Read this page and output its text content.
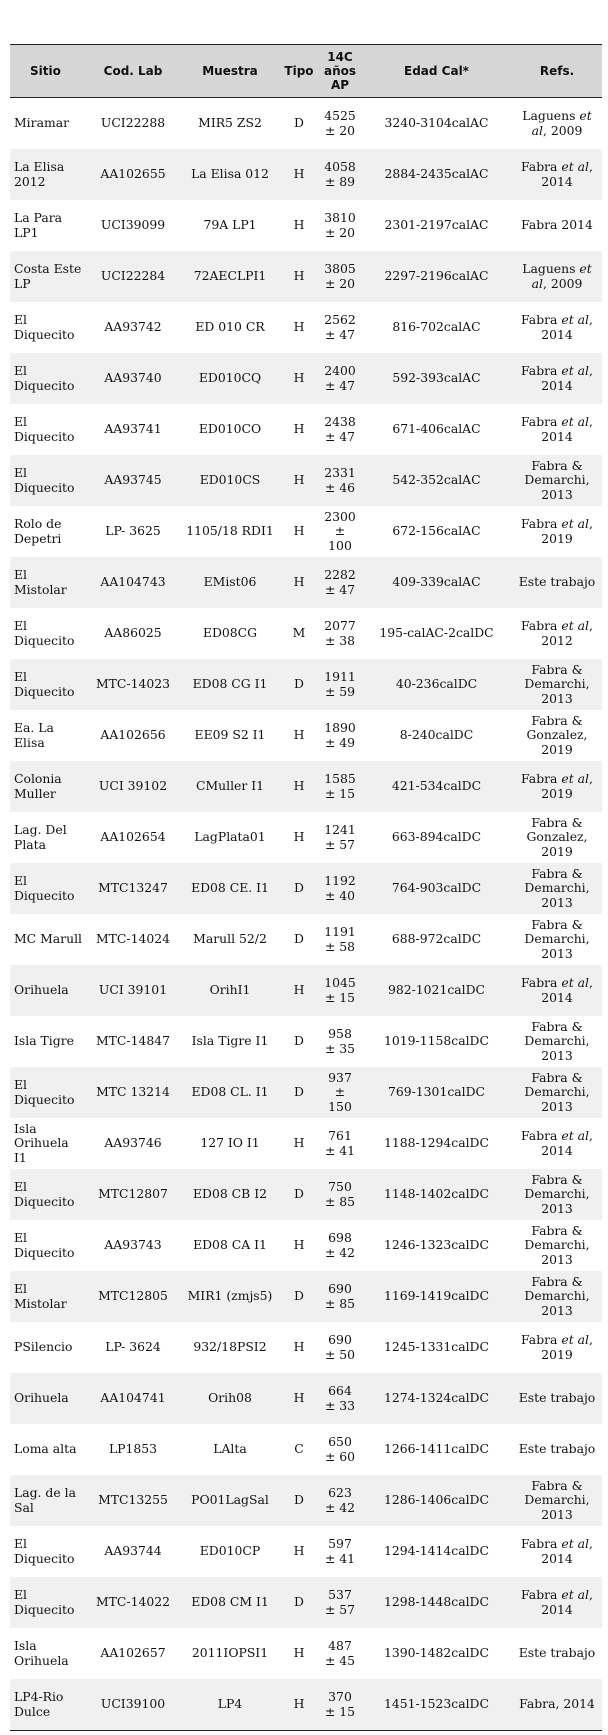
Sitio	Cod. Lab	Muestra	Tipo	14C años AP	Edad Cal*	Refs.
Miramar	UCI22288	MIR5 ZS2	D	4525 ± 20	3240-3104calAC	Laguens et al, 2009
La Elisa 2012	AA102655	La Elisa 012	H	4058 ± 89	2884-2435calAC	Fabra et al, 2014
La Para LP1	UCI39099	79A LP1	H	3810 ± 20	2301-2197calAC	Fabra 2014
Costa Este LP	UCI22284	72AECLPI1	H	3805 ± 20	2297-2196calAC	Laguens et al, 2009
El Diquecito	AA93742	ED 010 CR	H	2562 ± 47	816-702calAC	Fabra et al, 2014
El Diquecito	AA93740	ED010CQ	H	2400 ± 47	592-393calAC	Fabra et al, 2014
El Diquecito	AA93741	ED010CO	H	2438 ± 47	671-406calAC	Fabra et al, 2014
El Diquecito	AA93745	ED010CS	H	2331 ± 46	542-352calAC	Fabra & Demarchi, 2013
Rolo de Depetri	LP- 3625	1105/18 RDI1	H	2300 ± 100	672-156calAC	Fabra et al, 2019
El Mistolar	AA104743	EMist06	H	2282 ± 47	409-339calAC	Este trabajo
El Diquecito	AA86025	ED08CG	M	2077 ± 38	195-calAC-2calDC	Fabra et al, 2012
El Diquecito	MTC-14023	ED08 CG I1	D	1911 ± 59	40-236calDC	Fabra & Demarchi, 2013
Ea. La Elisa	AA102656	EE09 S2 I1	H	1890 ± 49	8-240calDC	Fabra & Gonzalez, 2019
Colonia Muller	UCI 39102	CMuller I1	H	1585 ± 15	421-534calDC	Fabra et al, 2019
Lag. Del Plata	AA102654	LagPlata01	H	1241 ± 57	663-894calDC	Fabra & Gonzalez, 2019
El Diquecito	MTC13247	ED08 CE. I1	D	1192 ± 40	764-903calDC	Fabra & Demarchi, 2013
MC Marull	MTC-14024	Marull 52/2	D	1191 ± 58	688-972calDC	Fabra & Demarchi, 2013
Orihuela	UCI 39101	OrihI1	H	1045 ± 15	982-1021calDC	Fabra et al, 2014
Isla Tigre	MTC-14847	Isla Tigre I1	D	958 ± 35	1019-1158calDC	Fabra & Demarchi, 2013
El Diquecito	MTC 13214	ED08 CL. I1	D	937 ± 150	769-1301calDC	Fabra & Demarchi, 2013
Isla Orihuela I1	AA93746	127 IO I1	H	761 ± 41	1188-1294calDC	Fabra et al, 2014
El Diquecito	MTC12807	ED08 CB I2	D	750 ± 85	1148-1402calDC	Fabra & Demarchi, 2013
El Diquecito	AA93743	ED08 CA I1	H	698 ± 42	1246-1323calDC	Fabra & Demarchi, 2013
El Mistolar	MTC12805	MIR1 (zmjs5)	D	690 ± 85	1169-1419calDC	Fabra & Demarchi, 2013
PSilencio	LP- 3624	932/18PSI2	H	690 ± 50	1245-1331calDC	Fabra et al, 2019
Orihuela	AA104741	Orih08	H	664 ± 33	1274-1324calDC	Este trabajo
Loma alta	LP1853	LAlta	C	650 ± 60	1266-1411calDC	Este trabajo
Lag. de la Sal	MTC13255	PO01LagSal	D	623 ± 42	1286-1406calDC	Fabra & Demarchi, 2013
El Diquecito	AA93744	ED010CP	H	597 ± 41	1294-1414calDC	Fabra et al, 2014
El Diquecito	MTC-14022	ED08 CM I1	D	537 ± 57	1298-1448calDC	Fabra et al, 2014
Isla Orihuela	AA102657	2011IOPSI1	H	487 ± 45	1390-1482calDC	Este trabajo
LP4-Rio Dulce	UCI39100	LP4	H	370 ± 15	1451-1523calDC	Fabra, 2014
